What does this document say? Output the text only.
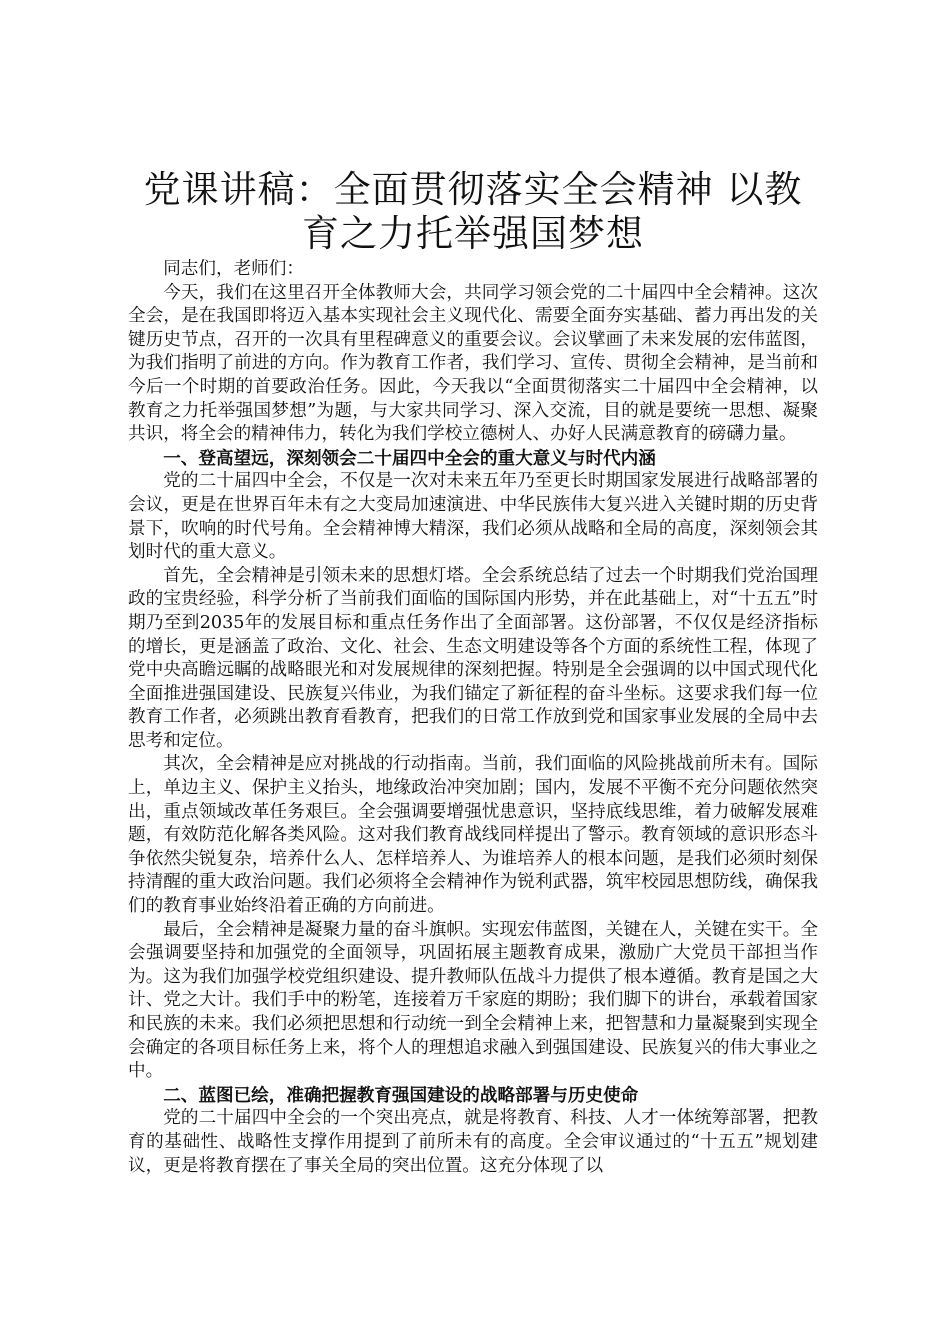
党课讲稿：全面贯彻落实全会精神 以教育之力托举强国梦想

同志们，老师们：

今天，我们在这里召开全体教师大会，共同学习领会党的二十届四中全会精神。这次全会，是在我国即将迈入基本实现社会主义现代化、需要全面夯实基础、蓄力再出发的关键历史节点，召开的一次具有里程碑意义的重要会议。会议擘画了未来发展的宏伟蓝图，为我们指明了前进的方向。作为教育工作者，我们学习、宣传、贯彻全会精神，是当前和今后一个时期的首要政治任务。因此，今天我以“全面贯彻落实二十届四中全会精神，以教育之力托举强国梦想”为题，与大家共同学习、深入交流，目的就是要统一思想、凝聚共识，将全会的精神伟力，转化为我们学校立德树人、办好人民满意教育的磅礴力量。

一、登高望远，深刻领会二十届四中全会的重大意义与时代内涵

党的二十届四中全会，不仅是一次对未来五年乃至更长时期国家发展进行战略部署的会议，更是在世界百年未有之大变局加速演进、中华民族伟大复兴进入关键时期的历史背景下，吹响的时代号角。全会精神博大精深，我们必须从战略和全局的高度，深刻领会其划时代的重大意义。

首先，全会精神是引领未来的思想灯塔。全会系统总结了过去一个时期我们党治国理政的宝贵经验，科学分析了当前我们面临的国际国内形势，并在此基础上，对“十五五”时期乃至到2035年的发展目标和重点任务作出了全面部署。这份部署，不仅仅是经济指标的增长，更是涵盖了政治、文化、社会、生态文明建设等各个方面的系统性工程，体现了党中央高瞻远瞩的战略眼光和对发展规律的深刻把握。特别是全会强调的以中国式现代化全面推进强国建设、民族复兴伟业，为我们锚定了新征程的奋斗坐标。这要求我们每一位教育工作者，必须跳出教育看教育，把我们的日常工作放到党和国家事业发展的全局中去思考和定位。

其次，全会精神是应对挑战的行动指南。当前，我们面临的风险挑战前所未有。国际上，单边主义、保护主义抬头，地缘政治冲突加剧；国内，发展不平衡不充分问题依然突出，重点领域改革任务艰巨。全会强调要增强忧患意识，坚持底线思维，着力破解发展难题，有效防范化解各类风险。这对我们教育战线同样提出了警示。教育领域的意识形态斗争依然尖锐复杂，培养什么人、怎样培养人、为谁培养人的根本问题，是我们必须时刻保持清醒的重大政治问题。我们必须将全会精神作为锐利武器，筑牢校园思想防线，确保我们的教育事业始终沿着正确的方向前进。

最后，全会精神是凝聚力量的奋斗旗帜。实现宏伟蓝图，关键在人，关键在实干。全会强调要坚持和加强党的全面领导，巩固拓展主题教育成果，激励广大党员干部担当作为。这为我们加强学校党组织建设、提升教师队伍战斗力提供了根本遵循。教育是国之大计、党之大计。我们手中的粉笔，连接着万千家庭的期盼；我们脚下的讲台，承载着国家和民族的未来。我们必须把思想和行动统一到全会精神上来，把智慧和力量凝聚到实现全会确定的各项目标任务上来，将个人的理想追求融入到强国建设、民族复兴的伟大事业之中。

二、蓝图已绘，准确把握教育强国建设的战略部署与历史使命

党的二十届四中全会的一个突出亮点，就是将教育、科技、人才一体统筹部署，把教育的基础性、战略性支撑作用提到了前所未有的高度。全会审议通过的“十五五”规划建议，更是将教育摆在了事关全局的突出位置。这充分体现了以
